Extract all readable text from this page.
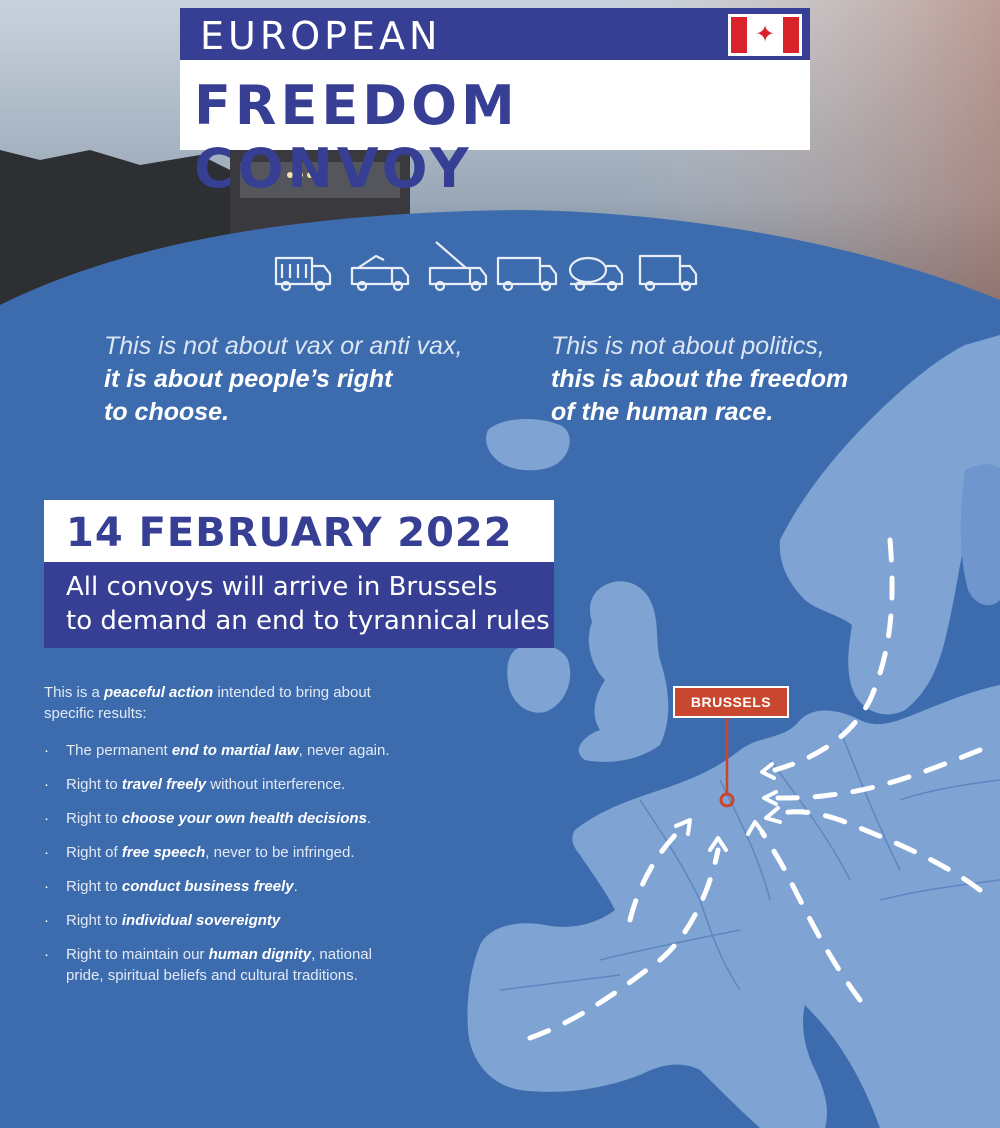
EUROPEAN	✦
FREEDOM CONVOY
This is not about vax or anti vax,
it is about people’s right
to choose.
This is not about politics,
this is about the freedom
of the human race.
14 FEBRUARY 2022
All convoys will arrive in Brussels
to demand an end to tyrannical rules
This is a peaceful action intended to bring about specific results:
· The permanent end to martial law, never again.
· Right to travel freely without interference.
· Right to choose your own health decisions.
· Right of free speech, never to be infringed.
· Right to conduct business freely.
· Right to individual sovereignty
· Right to maintain our human dignity, national pride, spiritual beliefs and cultural traditions.
BRUSSELS
